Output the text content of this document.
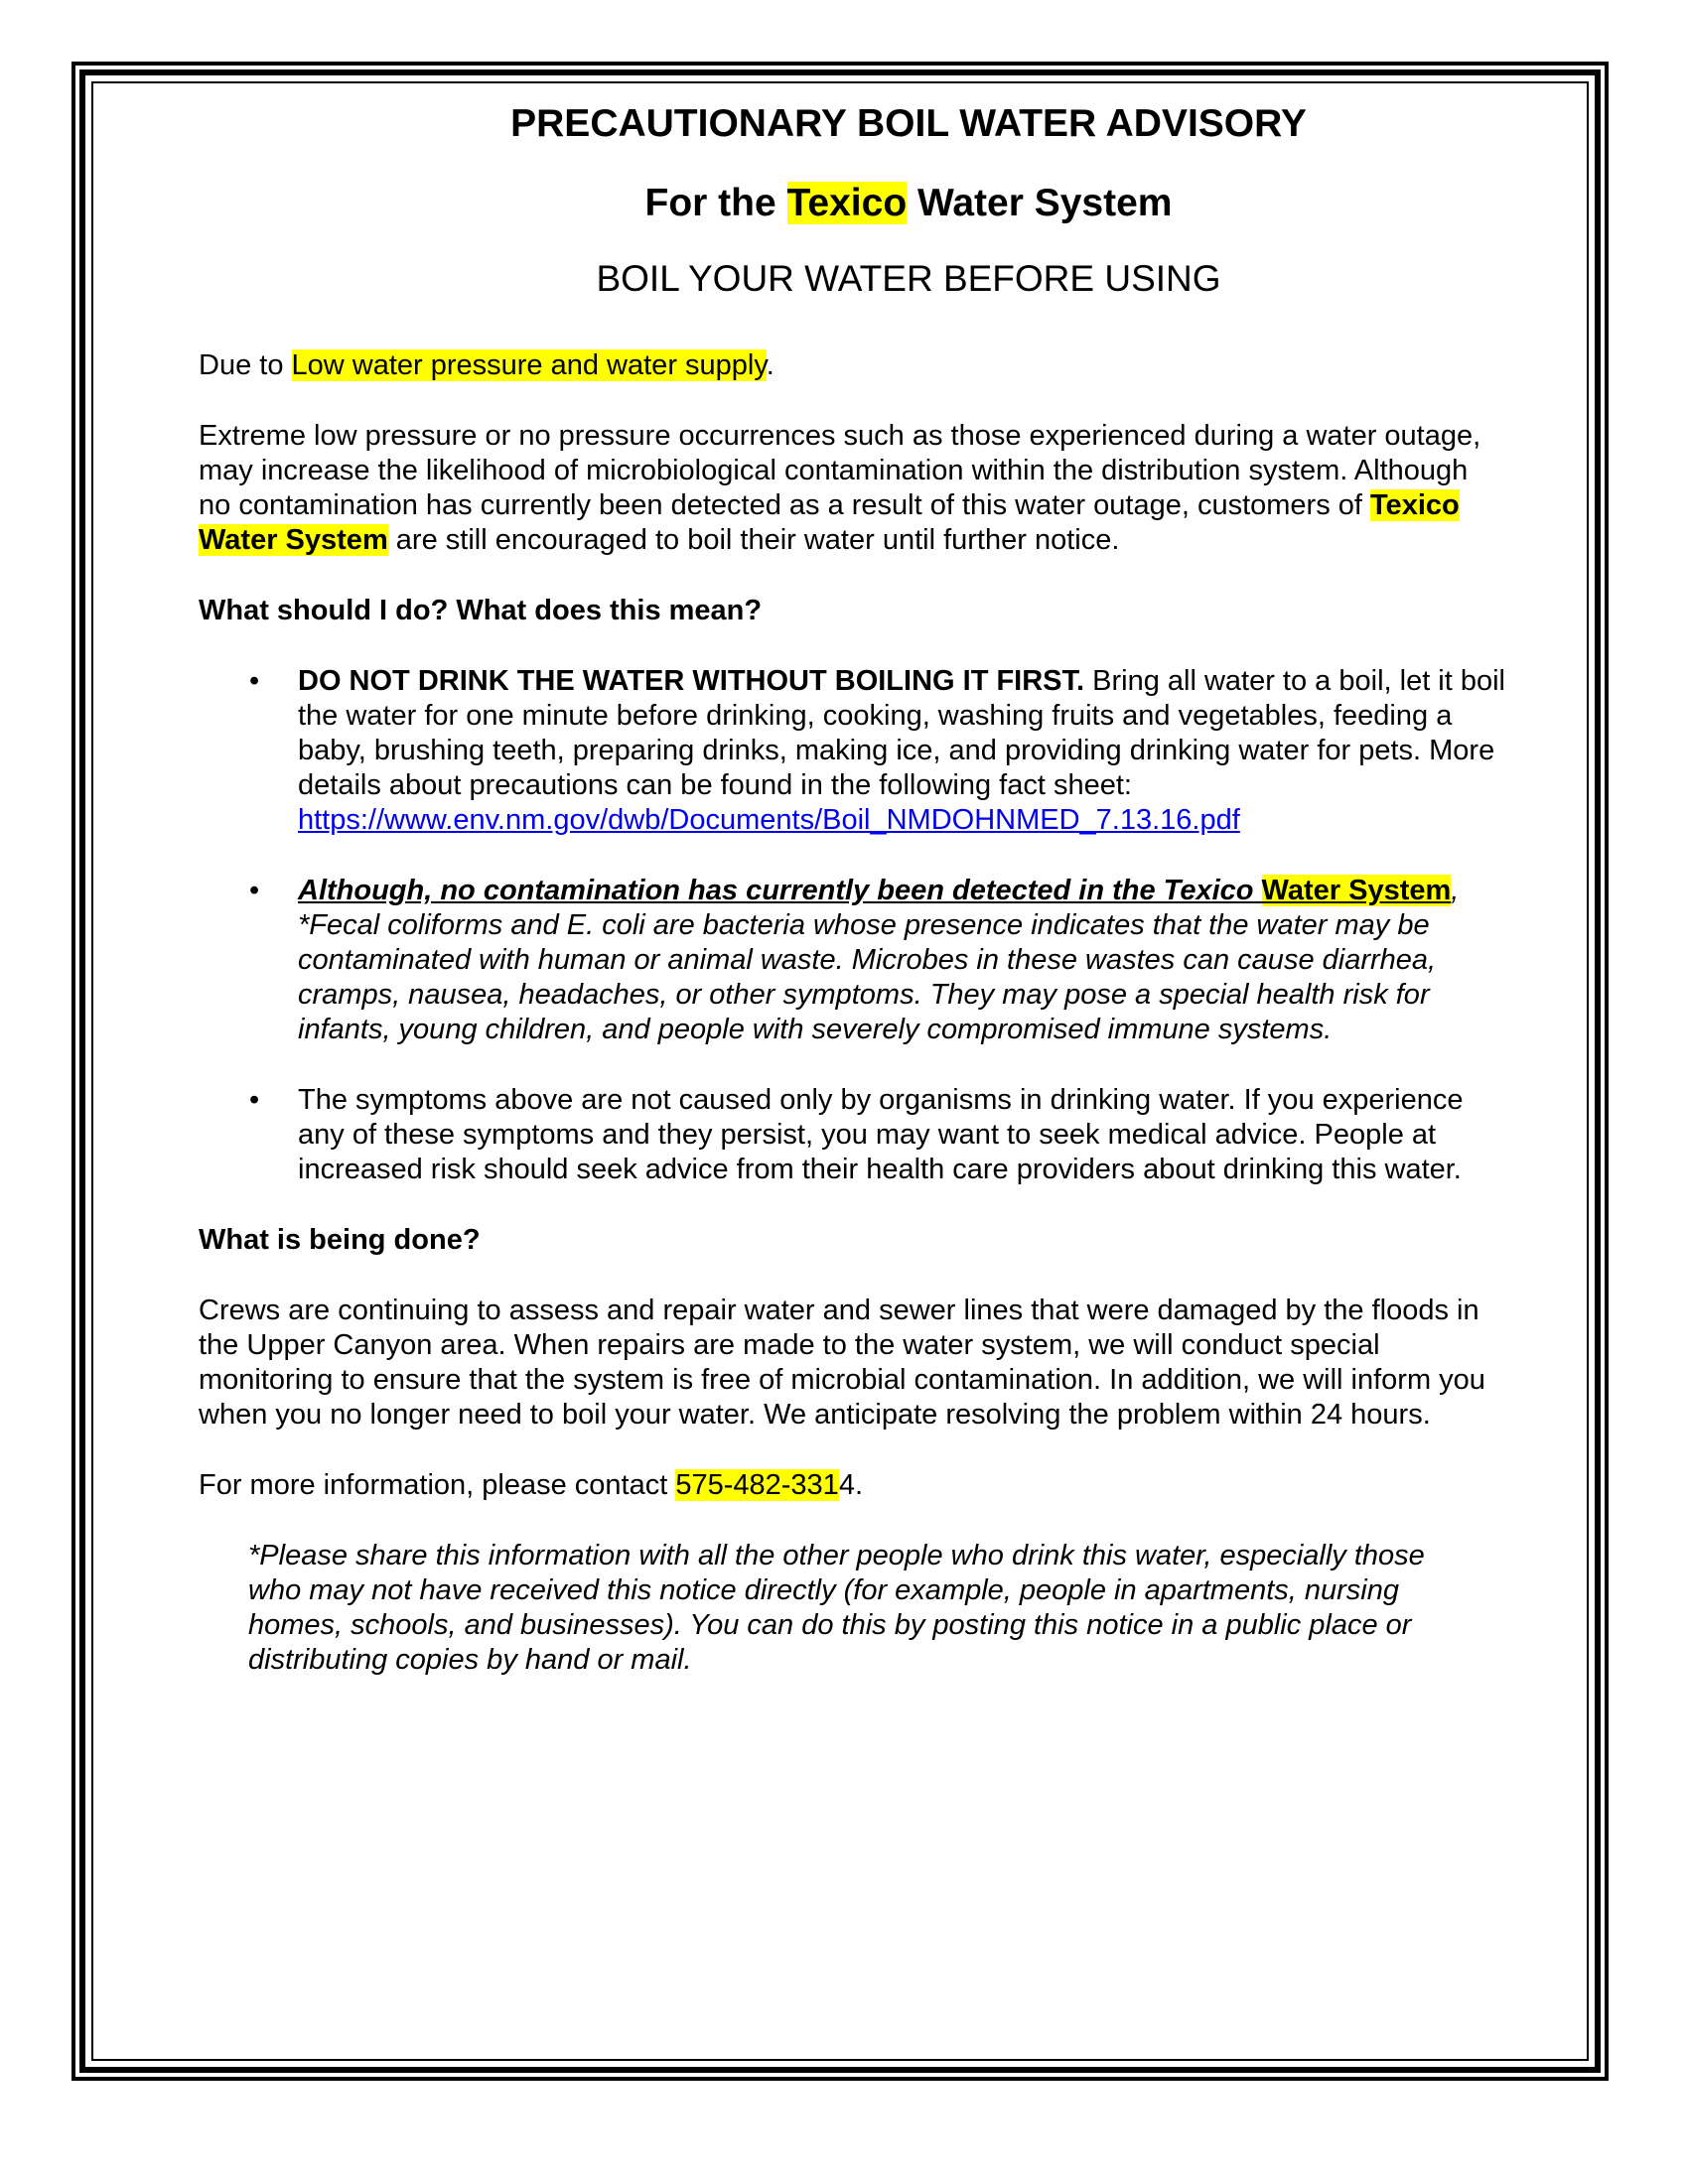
PRECAUTIONARY BOIL WATER ADVISORY
For the Texico Water System

BOIL YOUR WATER BEFORE USING

Due to Low water pressure and water supply.

Extreme low pressure or no pressure occurrences such as those experienced during a water outage, may increase the likelihood of microbiological contamination within the distribution system. Although no contamination has currently been detected as a result of this water outage, customers of Texico Water System are still encouraged to boil their water until further notice.

What should I do? What does this mean?

• DO NOT DRINK THE WATER WITHOUT BOILING IT FIRST. Bring all water to a boil, let it boil the water for one minute before drinking, cooking, washing fruits and vegetables, feeding a baby, brushing teeth, preparing drinks, making ice, and providing drinking water for pets. More details about precautions can be found in the following fact sheet: https://www.env.nm.gov/dwb/Documents/Boil_NMDOHNMED_7.13.16.pdf
• Although, no contamination has currently been detected in the Texico Water System, *Fecal coliforms and E. coli are bacteria whose presence indicates that the water may be contaminated with human or animal waste. Microbes in these wastes can cause diarrhea, cramps, nausea, headaches, or other symptoms. They may pose a special health risk for infants, young children, and people with severely compromised immune systems.
• The symptoms above are not caused only by organisms in drinking water. If you experience any of these symptoms and they persist, you may want to seek medical advice. People at increased risk should seek advice from their health care providers about drinking this water.

What is being done?

Crews are continuing to assess and repair water and sewer lines that were damaged by the floods in the Upper Canyon area. When repairs are made to the water system, we will conduct special monitoring to ensure that the system is free of microbial contamination. In addition, we will inform you when you no longer need to boil your water. We anticipate resolving the problem within 24 hours.

For more information, please contact 575-482-3314.

*Please share this information with all the other people who drink this water, especially those who may not have received this notice directly (for example, people in apartments, nursing homes, schools, and businesses). You can do this by posting this notice in a public place or distributing copies by hand or mail.
